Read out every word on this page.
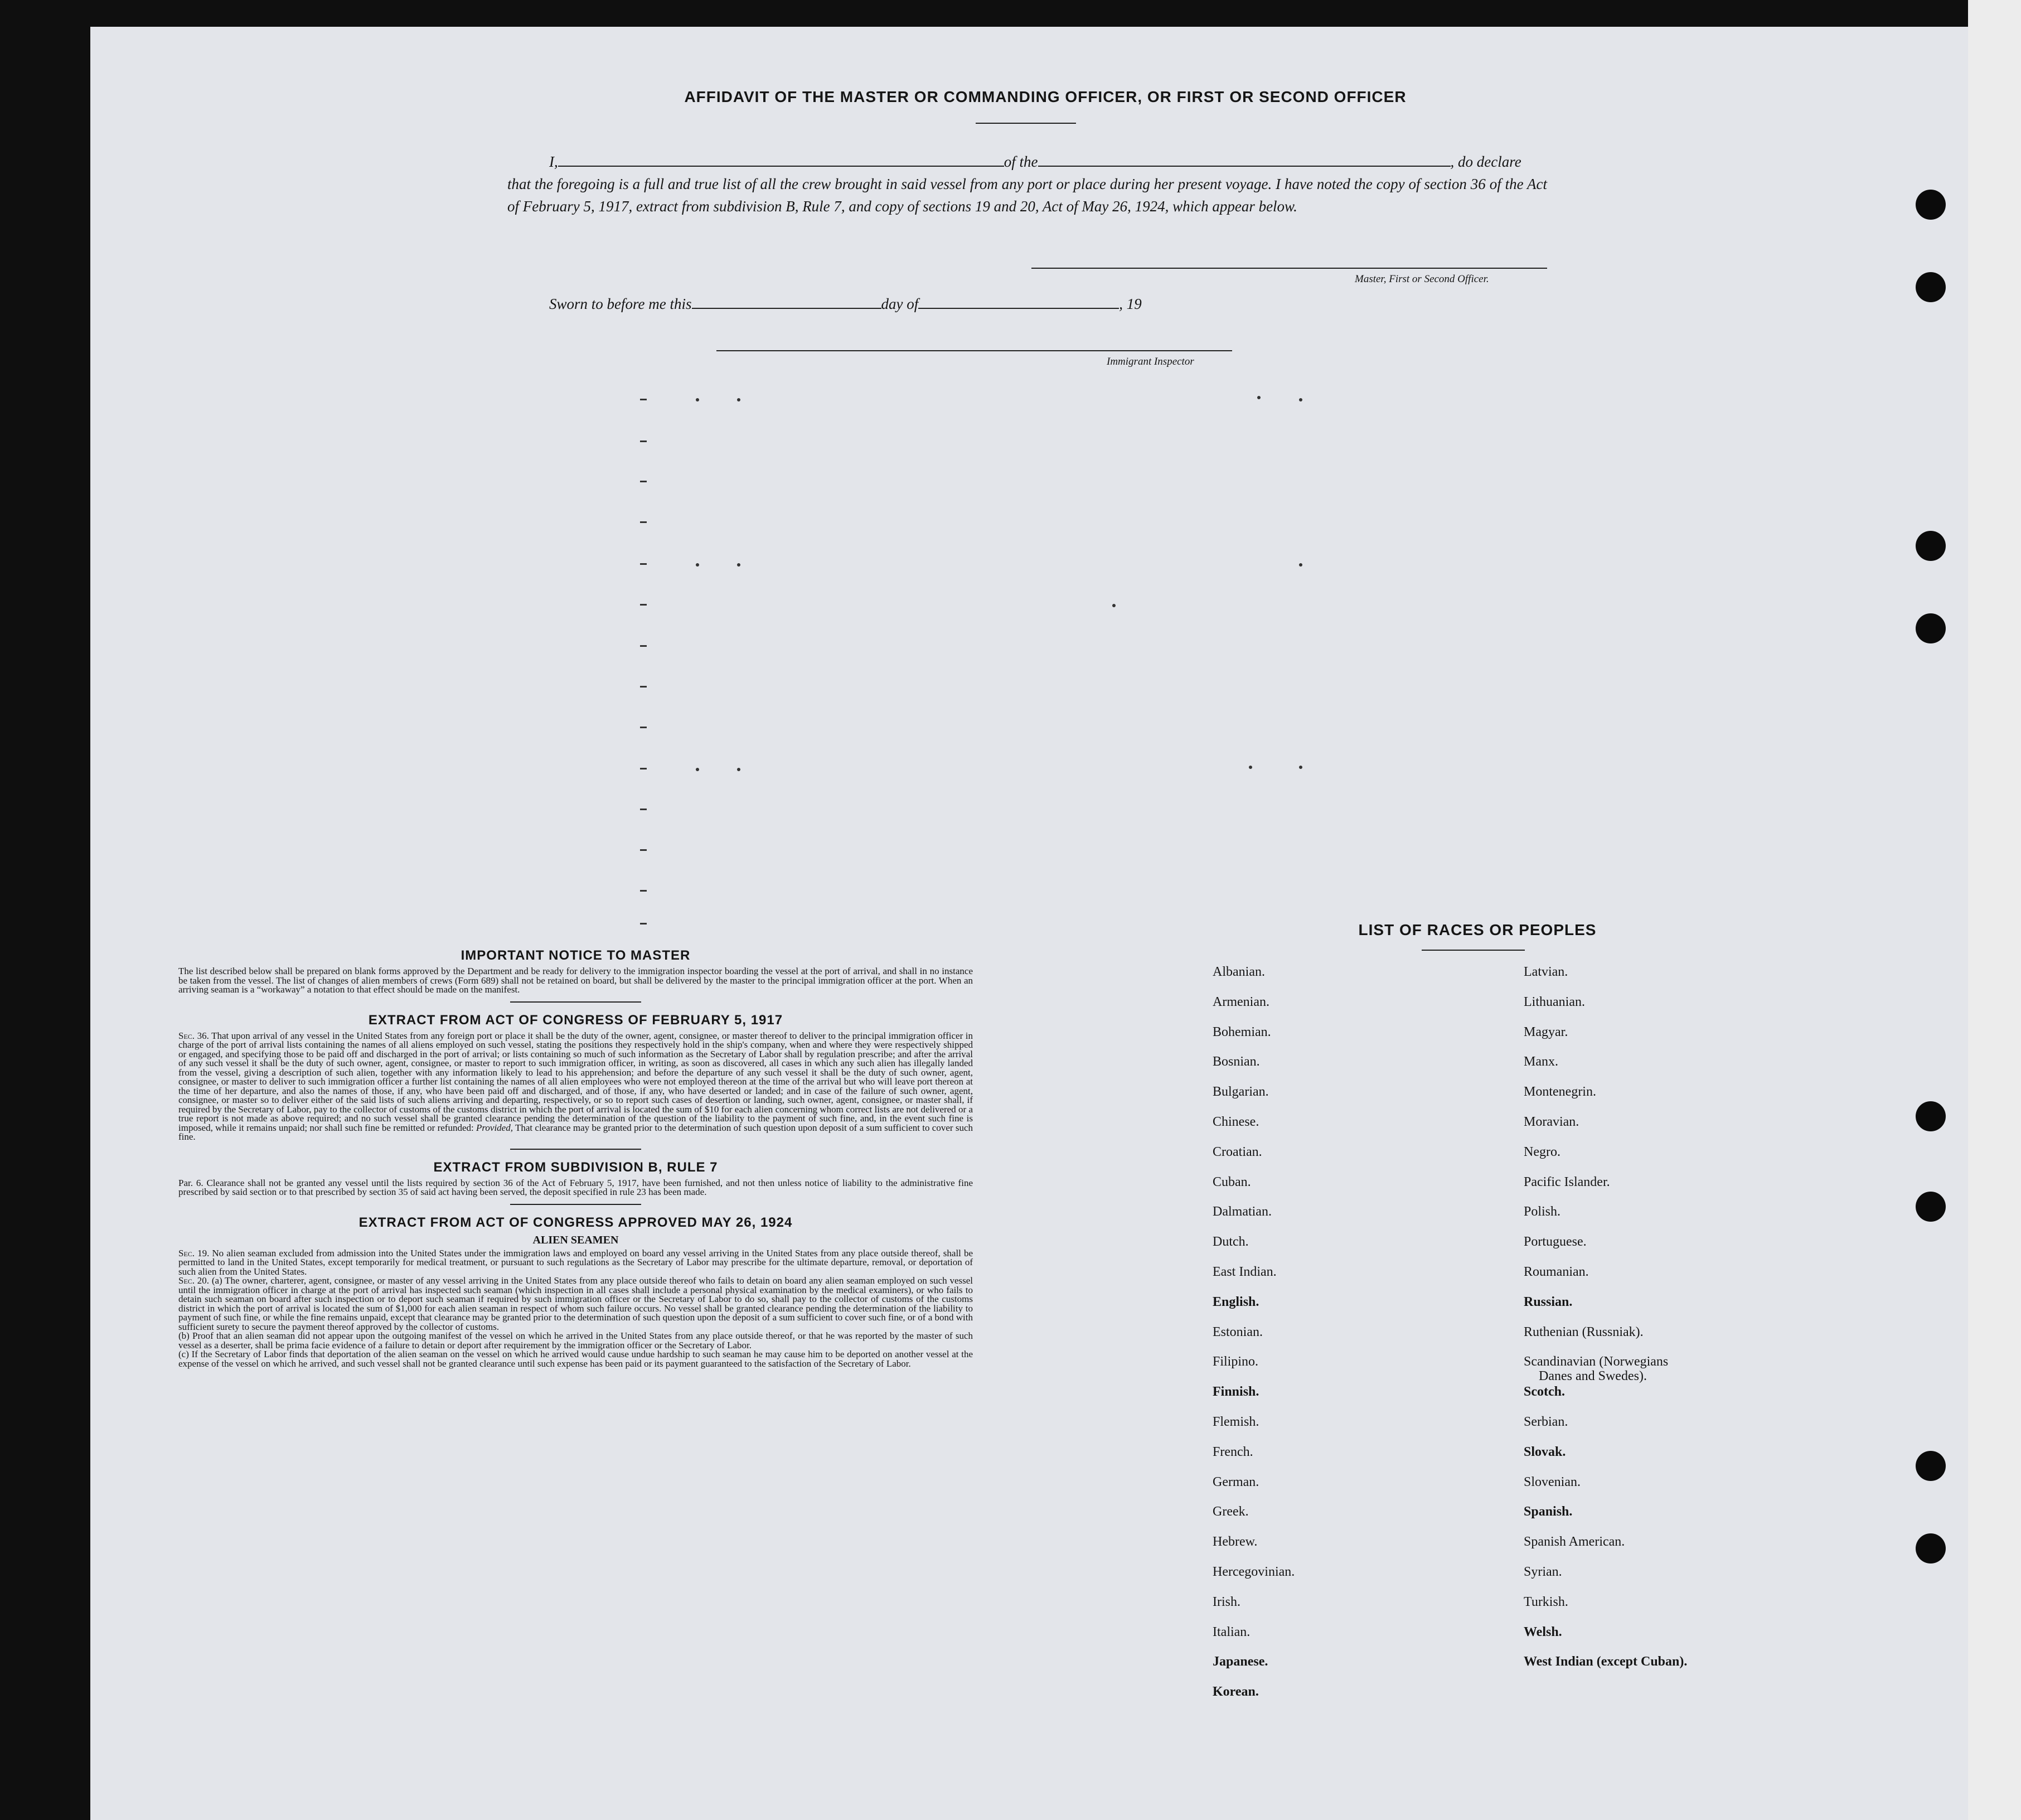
AFFIDAVIT OF THE MASTER OR COMMANDING OFFICER, OR FIRST OR SECOND OFFICER
I,	of the	, do declare
that the foregoing is a full and true list of all the crew brought in said vessel from any port or place during her present voyage. I have noted the copy of section 36 of the Act of February 5, 1917, extract from subdivision B, Rule 7, and copy of sections 19 and 20, Act of May 26, 1924, which appear below.
Master, First or Second Officer.
Sworn to before me this	day of	, 19
Immigrant Inspector
IMPORTANT NOTICE TO MASTER

The list described below shall be prepared on blank forms approved by the Department and be ready for delivery to the immigration inspector boarding the vessel at the port of arrival, and shall in no instance be taken from the vessel. The list of changes of alien members of crews (Form 689) shall not be retained on board, but shall be delivered by the master to the principal immigration officer at the port. When an arriving seaman is a “workaway” a notation to that effect should be made on the manifest.

EXTRACT FROM ACT OF CONGRESS OF FEBRUARY 5, 1917

Sec. 36. That upon arrival of any vessel in the United States from any foreign port or place it shall be the duty of the owner, agent, consignee, or master thereof to deliver to the principal immigration officer in charge of the port of arrival lists containing the names of all aliens employed on such vessel, stating the positions they respectively hold in the ship's company, when and where they were respectively shipped or engaged, and specifying those to be paid off and discharged in the port of arrival; or lists containing so much of such information as the Secretary of Labor shall by regulation prescribe; and after the arrival of any such vessel it shall be the duty of such owner, agent, consignee, or master to report to such immigration officer, in writing, as soon as discovered, all cases in which any such alien has illegally landed from the vessel, giving a description of such alien, together with any information likely to lead to his apprehension; and before the departure of any such vessel it shall be the duty of such owner, agent, consignee, or master to deliver to such immigration officer a further list containing the names of all alien employees who were not employed thereon at the time of the arrival but who will leave port thereon at the time of her departure, and also the names of those, if any, who have been paid off and discharged, and of those, if any, who have deserted or landed; and in case of the failure of such owner, agent, consignee, or master so to deliver either of the said lists of such aliens arriving and departing, respectively, or so to report such cases of desertion or landing, such owner, agent, consignee, or master shall, if required by the Secretary of Labor, pay to the collector of customs of the customs district in which the port of arrival is located the sum of $10 for each alien concerning whom correct lists are not delivered or a true report is not made as above required; and no such vessel shall be granted clearance pending the determination of the question of the liability to the payment of such fine, and, in the event such fine is imposed, while it remains unpaid; nor shall such fine be remitted or refunded: Provided, That clearance may be granted prior to the determination of such question upon deposit of a sum sufficient to cover such fine.

EXTRACT FROM SUBDIVISION B, RULE 7

Par. 6. Clearance shall not be granted any vessel until the lists required by section 36 of the Act of February 5, 1917, have been furnished, and not then unless notice of liability to the administrative fine prescribed by said section or to that prescribed by section 35 of said act having been served, the deposit specified in rule 23 has been made.

EXTRACT FROM ACT OF CONGRESS APPROVED MAY 26, 1924
ALIEN SEAMEN

Sec. 19. No alien seaman excluded from admission into the United States under the immigration laws and employed on board any vessel arriving in the United States from any place outside thereof, shall be permitted to land in the United States, except temporarily for medical treatment, or pursuant to such regulations as the Secretary of Labor may prescribe for the ultimate departure, removal, or deportation of such alien from the United States.

Sec. 20. (a) The owner, charterer, agent, consignee, or master of any vessel arriving in the United States from any place outside thereof who fails to detain on board any alien seaman employed on such vessel until the immigration officer in charge at the port of arrival has inspected such seaman (which inspection in all cases shall include a personal physical examination by the medical examiners), or who fails to detain such seaman on board after such inspection or to deport such seaman if required by such immigration officer or the Secretary of Labor to do so, shall pay to the collector of customs of the customs district in which the port of arrival is located the sum of $1,000 for each alien seaman in respect of whom such failure occurs. No vessel shall be granted clearance pending the determination of the liability to payment of such fine, or while the fine remains unpaid, except that clearance may be granted prior to the determination of such question upon the deposit of a sum sufficient to cover such fine, or of a bond with sufficient surety to secure the payment thereof approved by the collector of customs.

(b) Proof that an alien seaman did not appear upon the outgoing manifest of the vessel on which he arrived in the United States from any place outside thereof, or that he was reported by the master of such vessel as a deserter, shall be prima facie evidence of a failure to detain or deport after requirement by the immigration officer or the Secretary of Labor.

(c) If the Secretary of Labor finds that deportation of the alien seaman on the vessel on which he arrived would cause undue hardship to such seaman he may cause him to be deported on another vessel at the expense of the vessel on which he arrived, and such vessel shall not be granted clearance until such expense has been paid or its payment guaranteed to the satisfaction of the Secretary of Labor.

LIST OF RACES OR PEOPLES
Albanian.
Armenian.
Bohemian.
Bosnian.
Bulgarian.
Chinese.
Croatian.
Cuban.
Dalmatian.
Dutch.
East Indian.
English.
Estonian.
Filipino.
Finnish.
Flemish.
French.
German.
Greek.
Hebrew.
Hercegovinian.
Irish.
Italian.
Japanese.
Korean.
Latvian.
Lithuanian.
Magyar.
Manx.
Montenegrin.
Moravian.
Negro.
Pacific Islander.
Polish.
Portuguese.
Roumanian.
Russian.
Ruthenian (Russniak).
Scandinavian (Norwegians
Danes and Swedes).
Scotch.
Serbian.
Slovak.
Slovenian.
Spanish.
Spanish American.
Syrian.
Turkish.
Welsh.
West Indian (except Cuban).
